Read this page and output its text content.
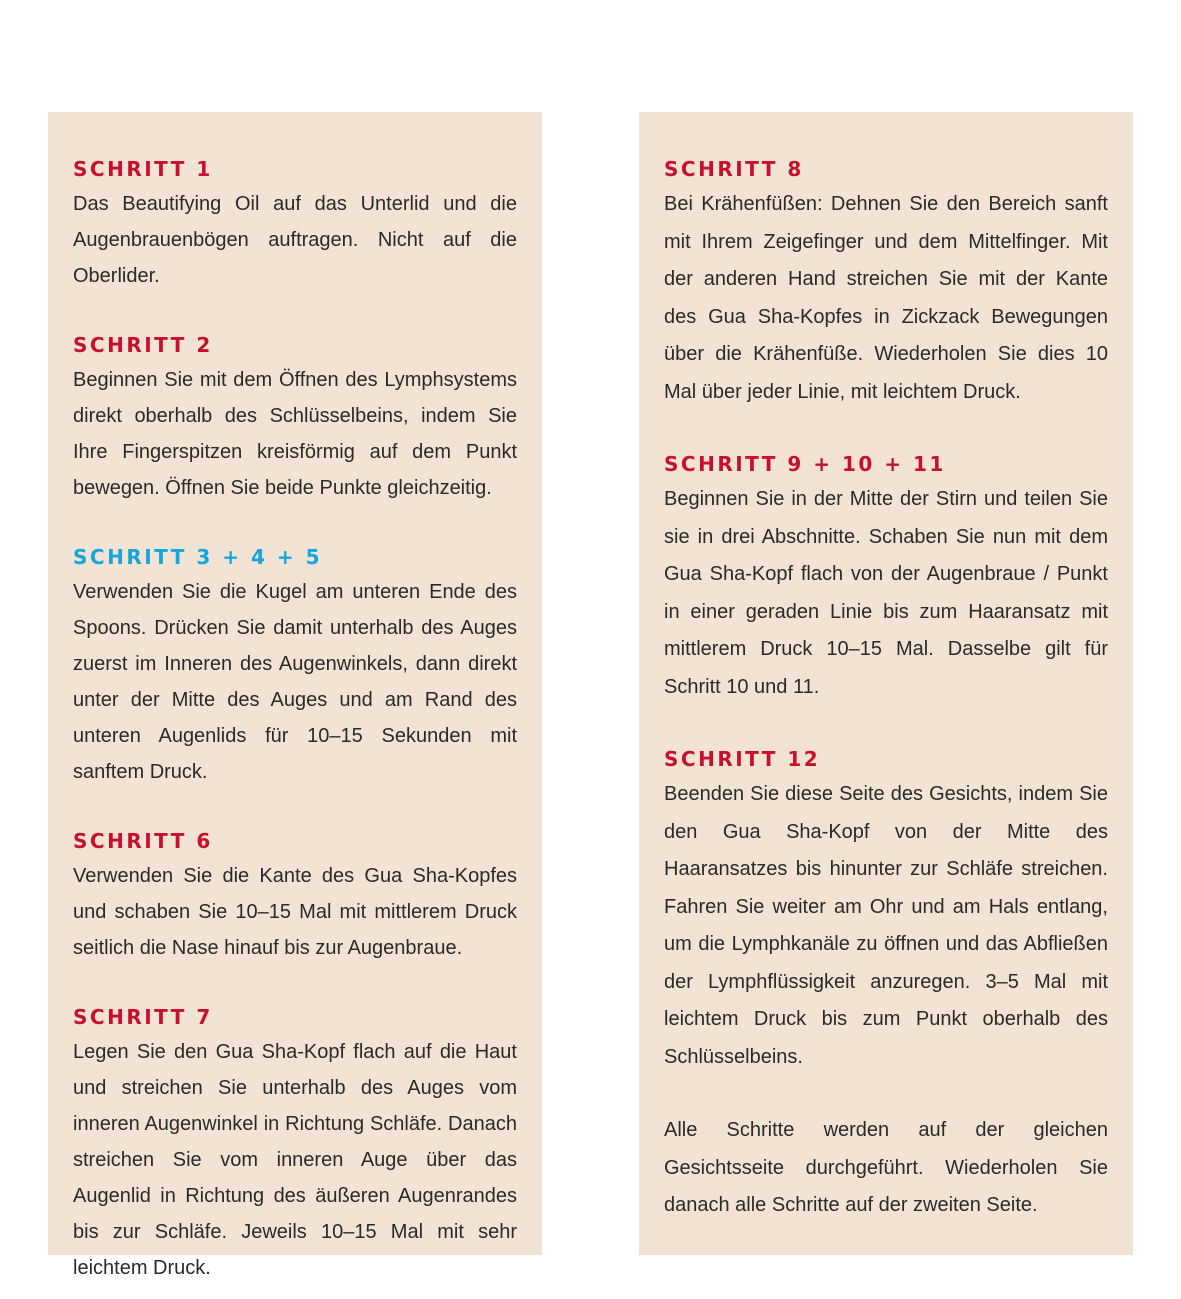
SCHRITT 1

Das Beautifying Oil auf das Unterlid und die Augenbrauenbögen auftragen. Nicht auf die Oberlider.

SCHRITT 2

Beginnen Sie mit dem Öffnen des Lymphsystems direkt oberhalb des Schlüsselbeins, indem Sie Ihre Fingerspitzen kreisförmig auf dem Punkt bewegen. Öffnen Sie beide Punkte gleichzeitig.

SCHRITT 3 + 4 + 5

Verwenden Sie die Kugel am unteren Ende des Spoons. Drücken Sie damit unterhalb des Auges zuerst im Inneren des Augenwinkels, dann direkt unter der Mitte des Auges und am Rand des unteren Augenlids für 10–15 Sekunden mit sanftem Druck.

SCHRITT 6

Verwenden Sie die Kante des Gua Sha-Kopfes und schaben Sie 10–15 Mal mit mittlerem Druck seitlich die Nase hinauf bis zur Augenbraue.

SCHRITT 7

Legen Sie den Gua Sha-Kopf flach auf die Haut und streichen Sie unterhalb des Auges vom inneren Augenwinkel in Richtung Schläfe. Danach streichen Sie vom inneren Auge über das Augenlid in Richtung des äußeren Augenrandes bis zur Schläfe. Jeweils 10–15 Mal mit sehr leichtem Druck.

SCHRITT 8

Bei Krähenfüßen: Dehnen Sie den Bereich sanft mit Ihrem Zeigefinger und dem Mittelfinger. Mit der anderen Hand streichen Sie mit der Kante des Gua Sha-Kopfes in Zickzack Bewegungen über die Krähenfüße. Wiederholen Sie dies 10 Mal über jeder Linie, mit leichtem Druck.

SCHRITT 9 + 10 + 11

Beginnen Sie in der Mitte der Stirn und teilen Sie sie in drei Abschnitte. Schaben Sie nun mit dem Gua Sha-Kopf flach von der Augenbraue / Punkt in einer geraden Linie bis zum Haaransatz mit mittlerem Druck 10–15 Mal. Dasselbe gilt für Schritt 10 und 11.

SCHRITT 12

Beenden Sie diese Seite des Gesichts, indem Sie den Gua Sha-Kopf von der Mitte des Haaransatzes bis hinunter zur Schläfe streichen. Fahren Sie weiter am Ohr und am Hals entlang, um die Lymphkanäle zu öffnen und das Abfließen der Lymphflüssigkeit anzuregen. 3–5 Mal mit leichtem Druck bis zum Punkt oberhalb des Schlüsselbeins.

Alle Schritte werden auf der gleichen Gesichtsseite durchgeführt. Wiederholen Sie danach alle Schritte auf der zweiten Seite.
